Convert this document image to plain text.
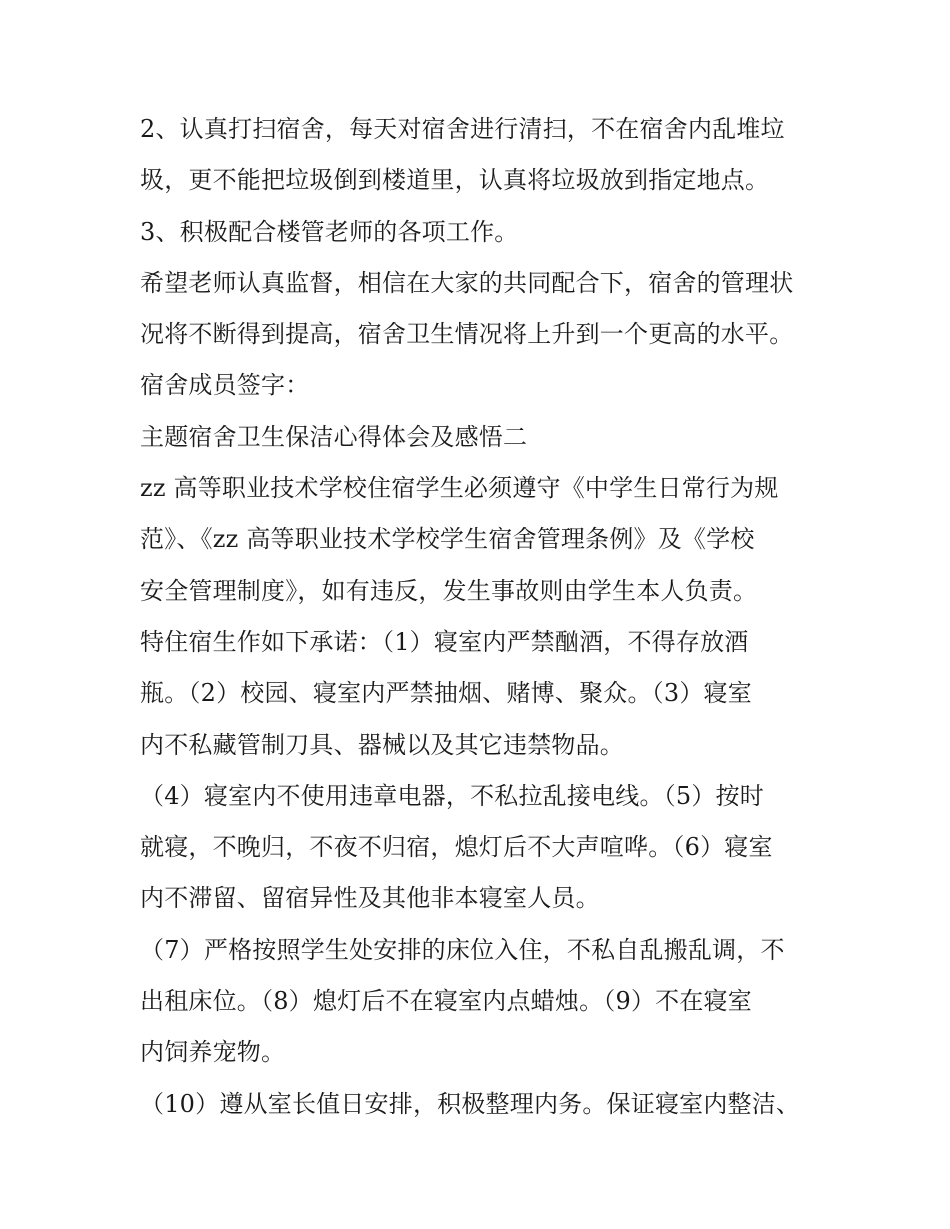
2、认真打扫宿舍，每天对宿舍进行清扫，不在宿舍内乱堆垃
圾，更不能把垃圾倒到楼道里，认真将垃圾放到指定地点。
3、积极配合楼管老师的各项工作。
希望老师认真监督，相信在大家的共同配合下，宿舍的管理状
况将不断得到提高，宿舍卫生情况将上升到一个更高的水平。
宿舍成员签字：
主题宿舍卫生保洁心得体会及感悟二
zz 高等职业技术学校住宿学生必须遵守《中学生日常行为规
范》、《zz 高等职业技术学校学生宿舍管理条例》及《学校
安全管理制度》，如有违反，发生事故则由学生本人负责。
特住宿生作如下承诺：（1）寝室内严禁酗酒，不得存放酒
瓶。（2）校园、寝室内严禁抽烟、赌博、聚众。（3）寝室
内不私藏管制刀具、器械以及其它违禁物品。
（4）寝室内不使用违章电器，不私拉乱接电线。（5）按时
就寝，不晚归，不夜不归宿，熄灯后不大声喧哗。（6）寝室
内不滞留、留宿异性及其他非本寝室人员。
（7）严格按照学生处安排的床位入住，不私自乱搬乱调，不
出租床位。（8）熄灯后不在寝室内点蜡烛。（9）不在寝室
内饲养宠物。
（10）遵从室长值日安排，积极整理内务。保证寝室内整洁、
